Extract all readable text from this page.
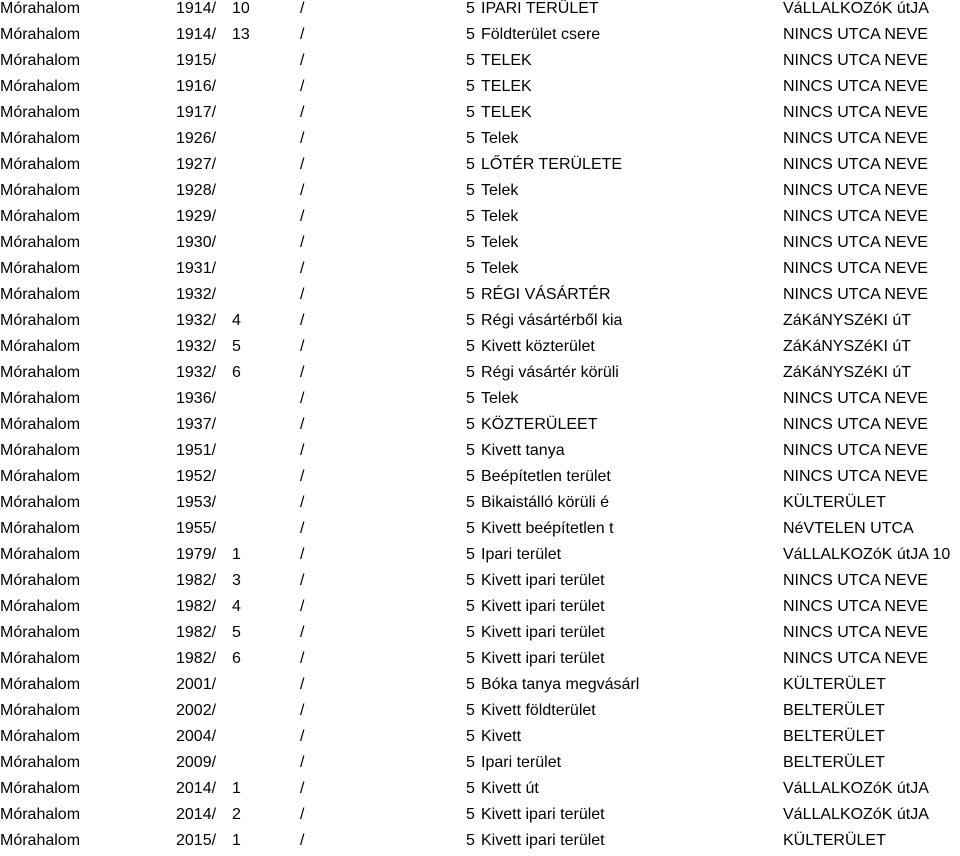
Mórahalom	1914/ 10	/	5 IPARI TERÜLET	VáLLALKOZóK útJA
Mórahalom	1914/ 13	/	5 Földterület csere	NINCS UTCA NEVE
Mórahalom	1915/	/	5 TELEK	NINCS UTCA NEVE
Mórahalom	1916/	/	5 TELEK	NINCS UTCA NEVE
Mórahalom	1917/	/	5 TELEK	NINCS UTCA NEVE
Mórahalom	1926/	/	5 Telek	NINCS UTCA NEVE
Mórahalom	1927/	/	5 LŐTÉR TERÜLETE	NINCS UTCA NEVE
Mórahalom	1928/	/	5 Telek	NINCS UTCA NEVE
Mórahalom	1929/	/	5 Telek	NINCS UTCA NEVE
Mórahalom	1930/	/	5 Telek	NINCS UTCA NEVE
Mórahalom	1931/	/	5 Telek	NINCS UTCA NEVE
Mórahalom	1932/	/	5 RÉGI VÁSÁRTÉR	NINCS UTCA NEVE
Mórahalom	1932/ 4	/	5 Régi vásártérből kia	ZáKáNYSZéKI úT
Mórahalom	1932/ 5	/	5 Kivett közterület	ZáKáNYSZéKI úT
Mórahalom	1932/ 6	/	5 Régi vásártér körüli	ZáKáNYSZéKI úT
Mórahalom	1936/	/	5 Telek	NINCS UTCA NEVE
Mórahalom	1937/	/	5 KÖZTERÜLEET	NINCS UTCA NEVE
Mórahalom	1951/	/	5 Kivett tanya	NINCS UTCA NEVE
Mórahalom	1952/	/	5 Beépítetlen terület	NINCS UTCA NEVE
Mórahalom	1953/	/	5 Bikaistálló körüli é	KÜLTERÜLET
Mórahalom	1955/	/	5 Kivett beépítetlen t	NéVTELEN UTCA
Mórahalom	1979/ 1	/	5 Ipari terület	VáLLALKOZóK útJA 10
Mórahalom	1982/ 3	/	5 Kivett ipari terület	NINCS UTCA NEVE
Mórahalom	1982/ 4	/	5 Kivett ipari terület	NINCS UTCA NEVE
Mórahalom	1982/ 5	/	5 Kivett ipari terület	NINCS UTCA NEVE
Mórahalom	1982/ 6	/	5 Kivett ipari terület	NINCS UTCA NEVE
Mórahalom	2001/	/	5 Bóka tanya megvásárl	KÜLTERÜLET
Mórahalom	2002/	/	5 Kivett földterület	BELTERÜLET
Mórahalom	2004/	/	5 Kivett	BELTERÜLET
Mórahalom	2009/	/	5 Ipari terület	BELTERÜLET
Mórahalom	2014/ 1	/	5 Kivett út	VáLLALKOZóK útJA
Mórahalom	2014/ 2	/	5 Kivett ipari terület	VáLLALKOZóK útJA
Mórahalom	2015/ 1	/	5 Kivett ipari terület	KÜLTERÜLET
